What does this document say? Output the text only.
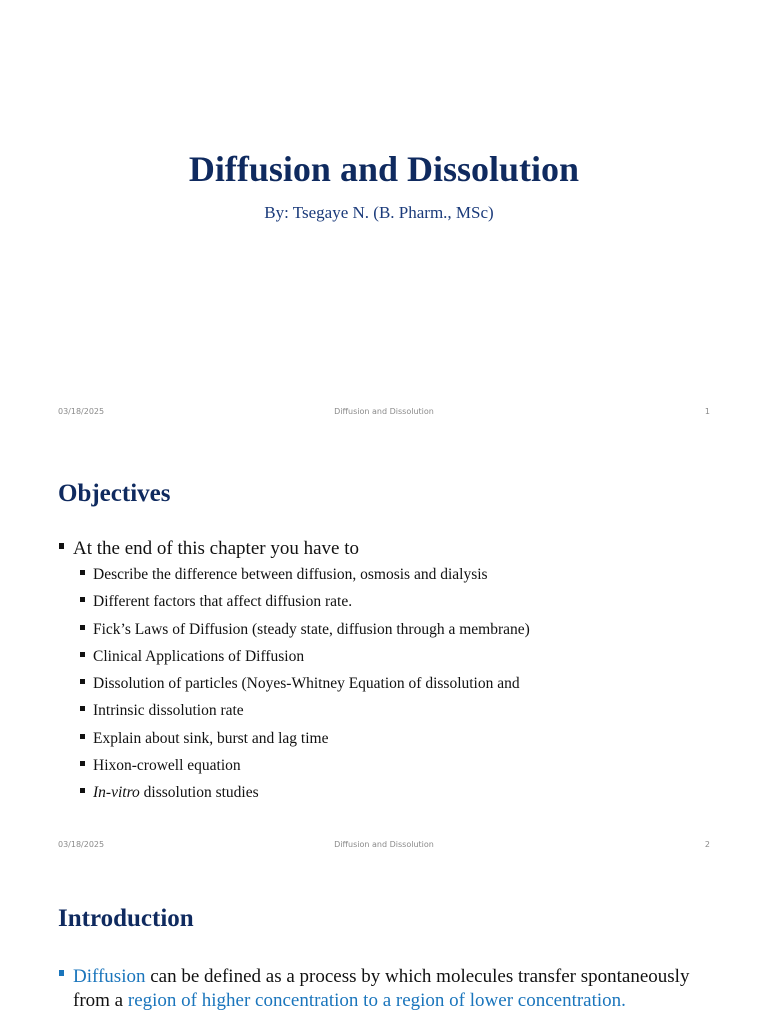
Diffusion and Dissolution
By: Tsegaye N. (B. Pharm., MSc)
03/18/2025	Diffusion and Dissolution	1
Objectives
At the end of this chapter you have to
Describe the difference between diffusion, osmosis and dialysis
Different factors that affect diffusion rate.
Fick’s Laws of Diffusion (steady state, diffusion through a membrane)
Clinical Applications of Diffusion
Dissolution of particles (Noyes-Whitney Equation of dissolution and
Intrinsic dissolution rate
Explain about sink, burst and lag time
Hixon-crowell equation
In-vitro dissolution studies
03/18/2025	Diffusion and Dissolution	2
Introduction
Diffusion can be defined as a process by which molecules transfer spontaneously from a region of higher concentration to a region of lower concentration.
